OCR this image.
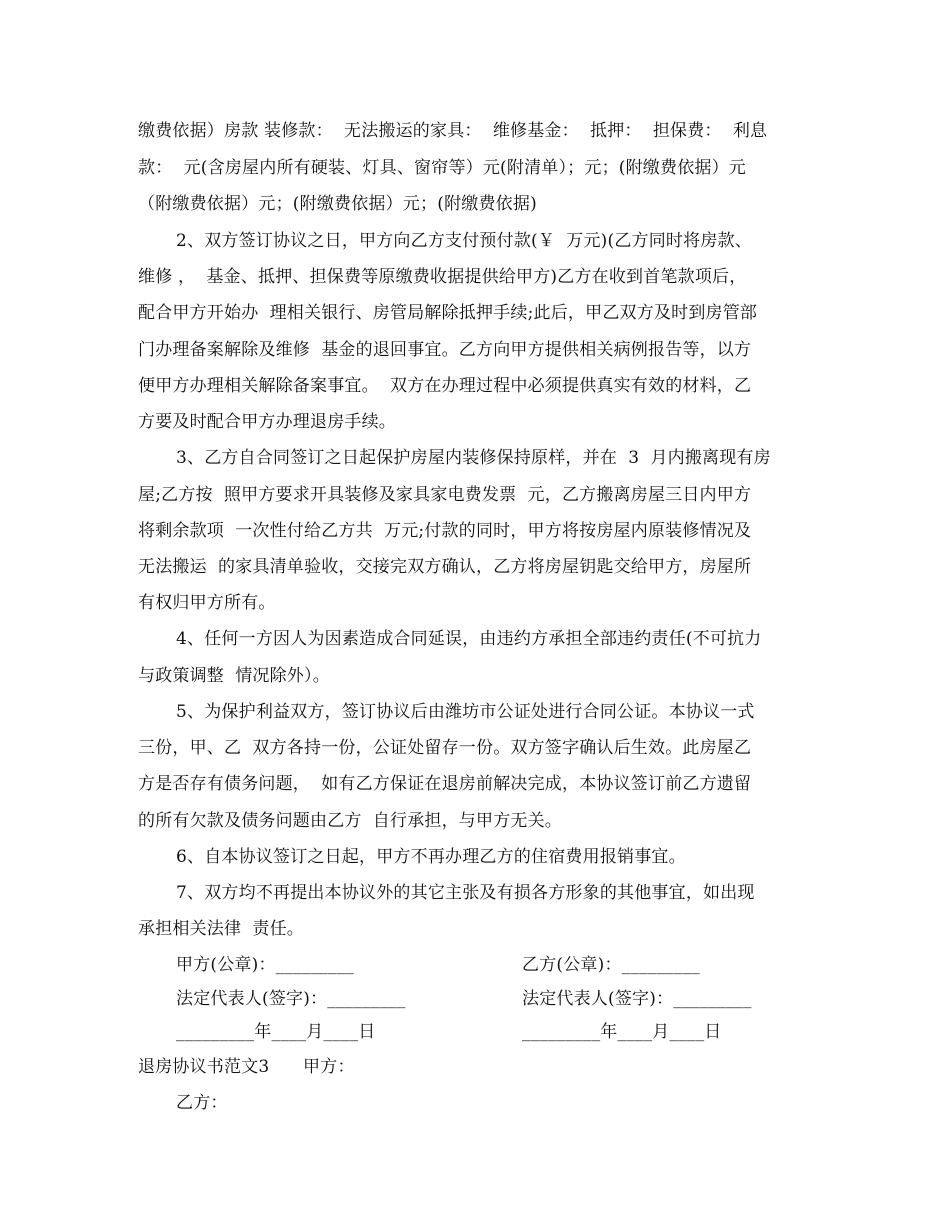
缴费依据）房款 装修款：  无法搬运的家具：  维修基金：  抵押：  担保费：  利息
款：  元(含房屋内所有硬装、灯具、窗帘等）元(附清单）；元；(附缴费依据）元
（附缴费依据）元；(附缴费依据）元；(附缴费依据)
2、双方签订协议之日，甲方向乙方支付预付款(￥  万元)(乙方同时将房款、
维修 ，  基金、抵押、担保费等原缴费收据提供给甲方)乙方在收到首笔款项后，
配合甲方开始办  理相关银行、房管局解除抵押手续;此后，甲乙双方及时到房管部
门办理备案解除及维修  基金的退回事宜。乙方向甲方提供相关病例报告等，以方
便甲方办理相关解除备案事宜。  双方在办理过程中必须提供真实有效的材料，乙
方要及时配合甲方办理退房手续。
3、乙方自合同签订之日起保护房屋内装修保持原样，并在  3  月内搬离现有房
屋;乙方按  照甲方要求开具装修及家具家电费发票  元，乙方搬离房屋三日内甲方
将剩余款项  一次性付给乙方共  万元;付款的同时，甲方将按房屋内原装修情况及
无法搬运  的家具清单验收，交接完双方确认，乙方将房屋钥匙交给甲方，房屋所
有权归甲方所有。
4、任何一方因人为因素造成合同延误，由违约方承担全部违约责任(不可抗力
与政策调整  情况除外）。
5、为保护利益双方，签订协议后由潍坊市公证处进行合同公证。本协议一式
三份，甲、乙  双方各持一份，公证处留存一份。双方签字确认后生效。此房屋乙
方是否存有债务问题，  如有乙方保证在退房前解决完成，本协议签订前乙方遗留
的所有欠款及债务问题由乙方  自行承担，与甲方无关。
6、自本协议签订之日起，甲方不再办理乙方的住宿费用报销事宜。
7、双方均不再提出本协议外的其它主张及有损各方形象的其他事宜，如出现
承担相关法律  责任。
甲方(公章)：_________	乙方(公章)：_________
法定代表人(签字)：_________	法定代表人(签字)：_________
_________年____月____日	_________年____月____日
退房协议书范文3      甲方：
乙方：
